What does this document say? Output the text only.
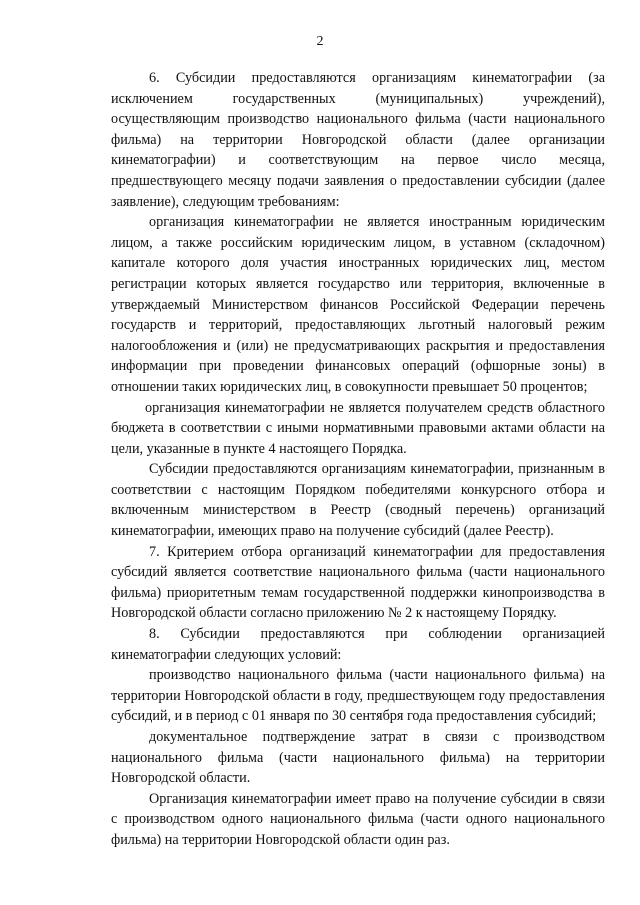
2

6. Субсидии предоставляются организациям кинематографии (за исключением государственных (муниципальных) учреждений), осуществляющим производство национального фильма (части национального фильма) на территории Новгородской области (далее организации кинематографии) и соответствующим на первое число месяца, предшествующего месяцу подачи заявления о предоставлении субсидии (далее заявление), следующим требованиям:

организация кинематографии не является иностранным юридическим лицом, а также российским юридическим лицом, в уставном (складочном) капитале которого доля участия иностранных юридических лиц, местом регистрации которых является государство или территория, включенные в утверждаемый Министерством финансов Российской Федерации перечень государств и территорий, предоставляющих льготный налоговый режим налогообложения и (или) не предусматривающих раскрытия и предоставления информации при проведении финансовых операций (офшорные зоны) в отношении таких юридических лиц, в совокупности превышает 50 процентов;

организация кинематографии не является получателем средств областного бюджета в соответствии с иными нормативными правовыми актами области на цели, указанные в пункте 4 настоящего Порядка.

Субсидии предоставляются организациям кинематографии, признанным в соответствии с настоящим Порядком победителями конкурсного отбора и включенным министерством в Реестр (сводный перечень) организаций кинематографии, имеющих право на получение субсидий (далее Реестр).

7. Критерием отбора организаций кинематографии для предоставления субсидий является соответствие национального фильма (части национального фильма) приоритетным темам государственной поддержки кинопроизводства в Новгородской области согласно приложению № 2 к настоящему Порядку.

8. Субсидии предоставляются при соблюдении организацией кинематографии следующих условий:

производство национального фильма (части национального фильма) на территории Новгородской области в году, предшествующем году предоставления субсидий, и в период с 01 января по 30 сентября года предоставления субсидий;

документальное подтверждение затрат в связи с производством национального фильма (части национального фильма) на территории Новгородской области.

Организация кинематографии имеет право на получение субсидии в связи с производством одного национального фильма (части одного национального фильма) на территории Новгородской области один раз.
